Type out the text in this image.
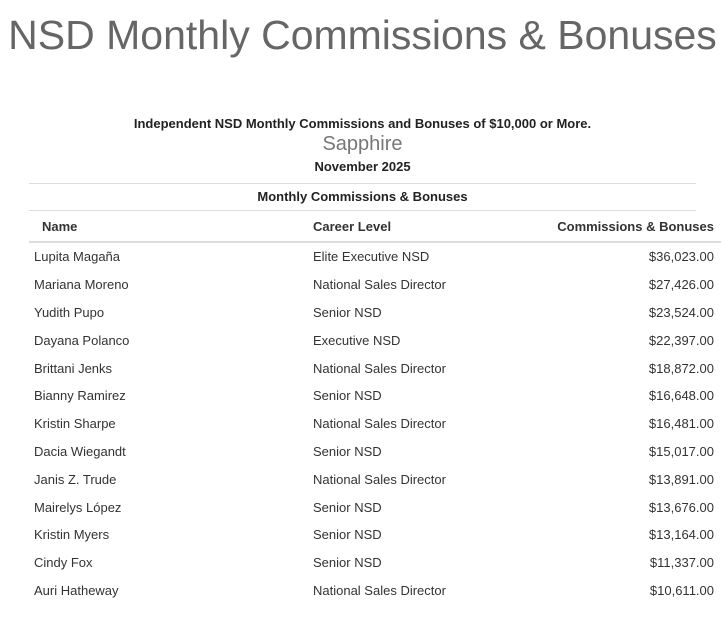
NSD Monthly Commissions & Bonuses
Independent NSD Monthly Commissions and Bonuses of $10,000 or More.
Sapphire
November 2025
Monthly Commissions & Bonuses
Name	Career Level	Commissions & Bonuses
Lupita Magaña	Elite Executive NSD	$36,023.00
Mariana Moreno	National Sales Director	$27,426.00
Yudith Pupo	Senior NSD	$23,524.00
Dayana Polanco	Executive NSD	$22,397.00
Brittani Jenks	National Sales Director	$18,872.00
Bianny Ramirez	Senior NSD	$16,648.00
Kristin Sharpe	National Sales Director	$16,481.00
Dacia Wiegandt	Senior NSD	$15,017.00
Janis Z. Trude	National Sales Director	$13,891.00
Mairelys López	Senior NSD	$13,676.00
Kristin Myers	Senior NSD	$13,164.00
Cindy Fox	Senior NSD	$11,337.00
Auri Hatheway	National Sales Director	$10,611.00
